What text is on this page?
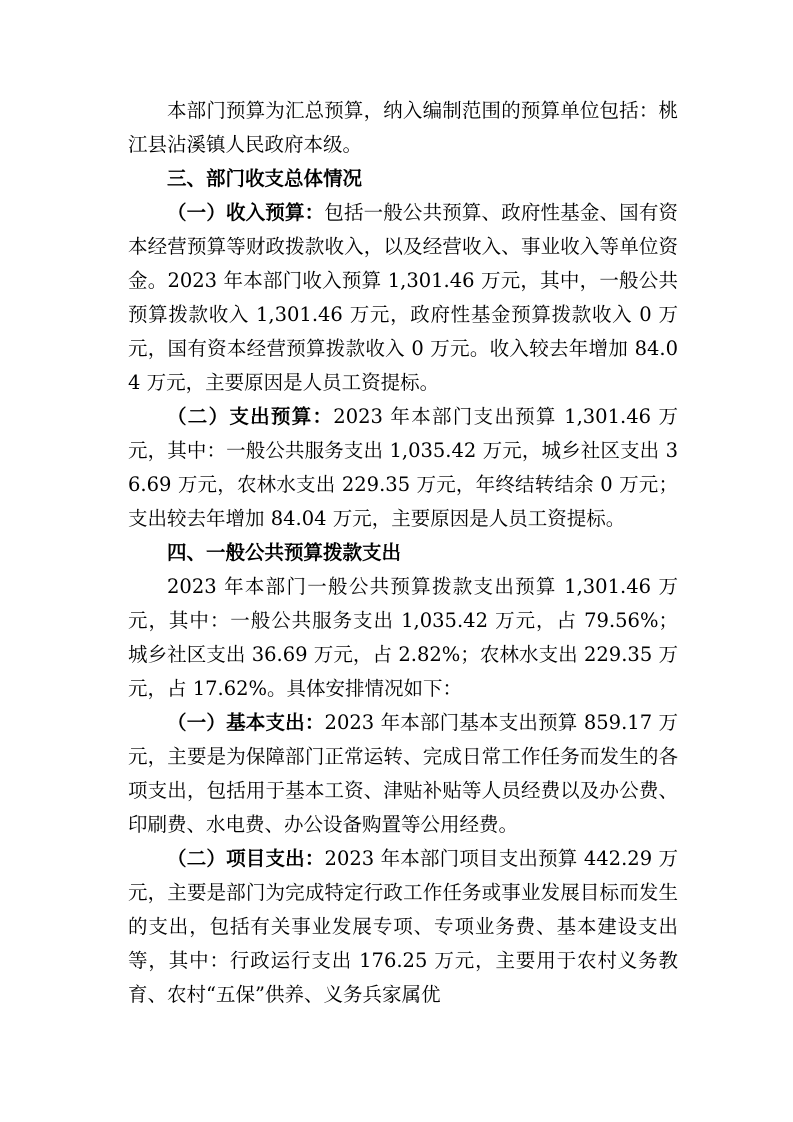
本部门预算为汇总预算，纳入编制范围的预算单位包括：桃江县沾溪镇人民政府本级。

三、部门收支总体情况

（一）收入预算：包括一般公共预算、政府性基金、国有资本经营预算等财政拨款收入，以及经营收入、事业收入等单位资金。2023 年本部门收入预算 1,301.46 万元，其中，一般公共预算拨款收入 1,301.46 万元，政府性基金预算拨款收入 0 万元，国有资本经营预算拨款收入 0 万元。收入较去年增加 84.04 万元，主要原因是人员工资提标。

（二）支出预算：2023 年本部门支出预算 1,301.46 万元，其中：一般公共服务支出 1,035.42 万元，城乡社区支出 36.69 万元，农林水支出 229.35 万元，年终结转结余 0 万元；支出较去年增加 84.04 万元，主要原因是人员工资提标。

四、一般公共预算拨款支出

2023 年本部门一般公共预算拨款支出预算 1,301.46 万元，其中：一般公共服务支出 1,035.42 万元，占 79.56%；城乡社区支出 36.69 万元，占 2.82%；农林水支出 229.35 万元，占 17.62%。具体安排情况如下：

（一）基本支出：2023 年本部门基本支出预算 859.17 万元，主要是为保障部门正常运转、完成日常工作任务而发生的各项支出，包括用于基本工资、津贴补贴等人员经费以及办公费、印刷费、水电费、办公设备购置等公用经费。

（二）项目支出：2023 年本部门项目支出预算 442.29 万元，主要是部门为完成特定行政工作任务或事业发展目标而发生的支出，包括有关事业发展专项、专项业务费、基本建设支出等，其中：行政运行支出 176.25 万元，主要用于农村义务教育、农村“五保”供养、义务兵家属优
